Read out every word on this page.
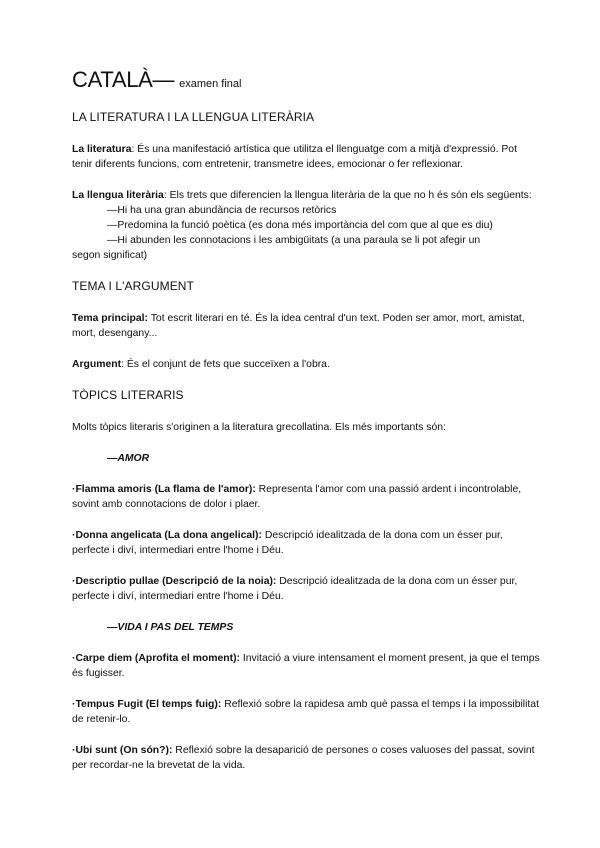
CATALÀ— examen final
LA LITERATURA I LA LLENGUA LITERÀRIA

La literatura: És una manifestació artística que utilitza el llenguatge com a mitjà d'expressió. Pot tenir diferents funcions, com entretenir, transmetre idees, emocionar o fer reflexionar.

La llengua literària: Els trets que diferencien la llengua literària de la que no h és són els següents:

—Hi ha una gran abundància de recursos retòrics

—Predomina la funció poètica (es dona més importància del com que al que es diu)

—Hi abunden les connotacions i les ambigüitats (a una paraula se li pot afegir un

segon significat)

TEMA I L'ARGUMENT

Tema principal: Tot escrit literari en té. És la idea central d'un text. Poden ser amor, mort, amistat, mort, desengany...

Argument: És el conjunt de fets que succeïxen a l'obra.

TÒPICS LITERARIS

Molts tòpics literaris s'originen a la literatura grecollatina. Els més importants són:

—AMOR

·Flamma amoris (La flama de l'amor): Representa l'amor com una passió ardent i incontrolable, sovint amb connotacions de dolor i plaer.

·Donna angelicata (La dona angelical): Descripció idealitzada de la dona com un ésser pur, perfecte i diví, intermediari entre l'home i Déu.

·Descriptio pullae (Descripció de la noia): Descripció idealitzada de la dona com un ésser pur, perfecte i diví, intermediari entre l'home i Déu.

—VIDA I PAS DEL TEMPS

·Carpe diem (Aprofita el moment): Invitació a viure intensament el moment present, ja que el temps és fugisser.

·Tempus Fugit (El temps fuig): Reflexió sobre la rapidesa amb què passa el temps i la impossibilitat de retenir-lo.

·Ubi sunt (On són?): Reflexió sobre la desaparició de persones o coses valuoses del passat, sovint per recordar-ne la brevetat de la vida.
